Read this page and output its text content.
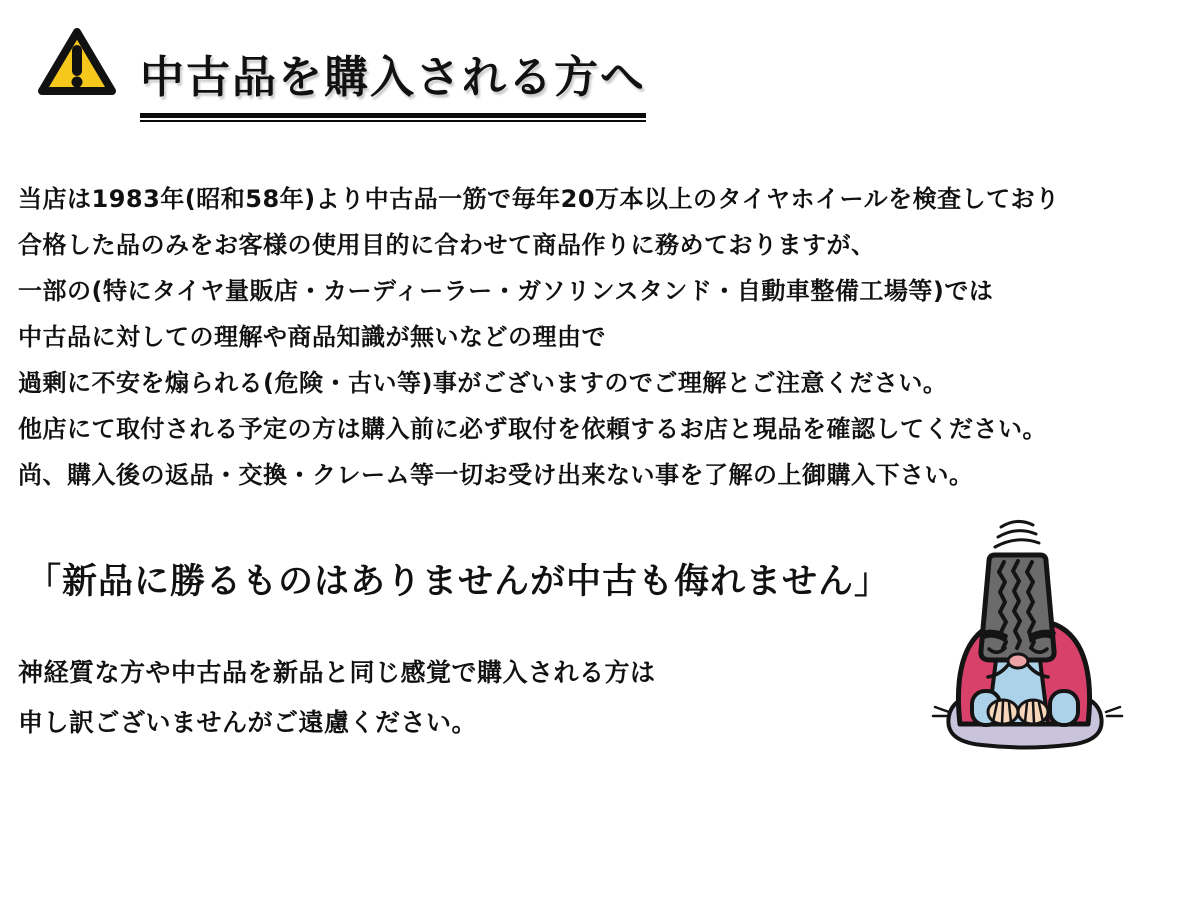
中古品を購入される方へ
当店は1983年(昭和58年)より中古品一筋で毎年20万本以上のタイヤホイールを検査しており
合格した品のみをお客様の使用目的に合わせて商品作りに務めておりますが、
一部の(特にタイヤ量販店・カーディーラー・ガソリンスタンド・自動車整備工場等)では
中古品に対しての理解や商品知識が無いなどの理由で
過剰に不安を煽られる(危険・古い等)事がございますのでご理解とご注意ください。
他店にて取付される予定の方は購入前に必ず取付を依頼するお店と現品を確認してください。
尚、購入後の返品・交換・クレーム等一切お受け出来ない事を了解の上御購入下さい。
「新品に勝るものはありませんが中古も侮れません」
神経質な方や中古品を新品と同じ感覚で購入される方は
申し訳ございませんがご遠慮ください。
